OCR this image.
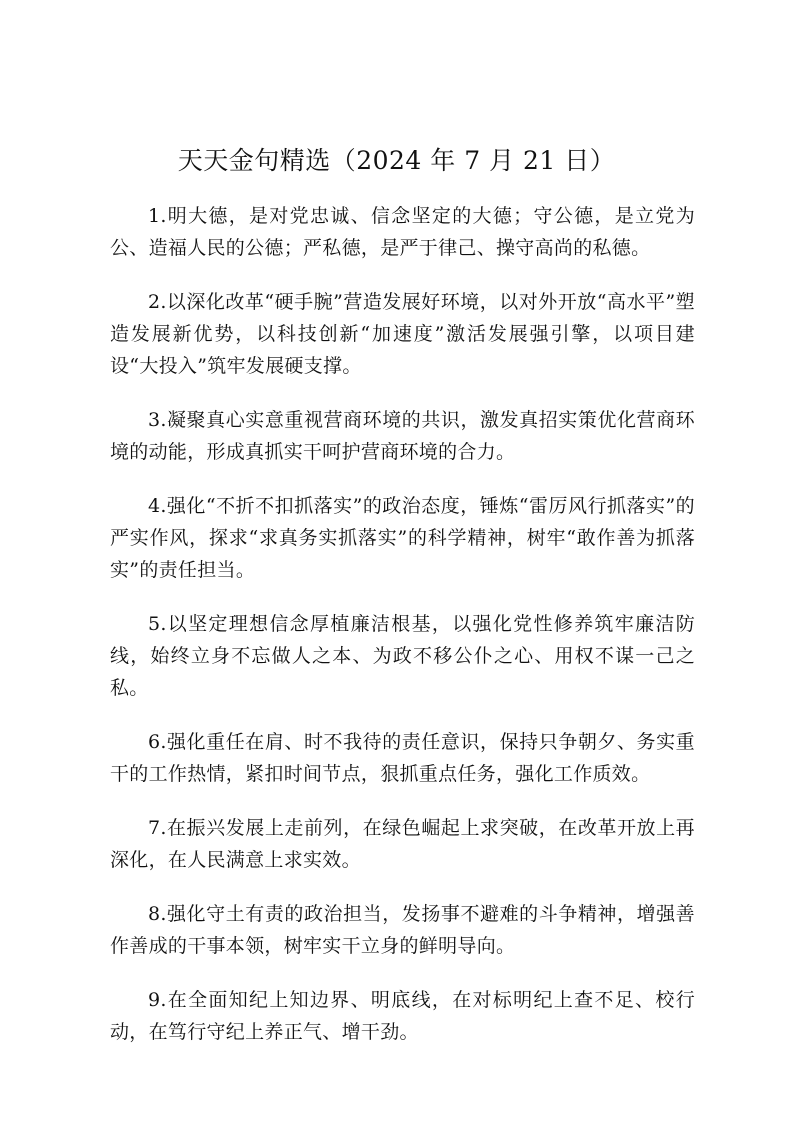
天天金句精选（2024 年 7 月 21 日）

1.明大德，是对党忠诚、信念坚定的大德；守公德，是立党为公、造福人民的公德；严私德，是严于律己、操守高尚的私德。

2.以深化改革“硬手腕”营造发展好环境，以对外开放“高水平”塑造发展新优势，以科技创新“加速度”激活发展强引擎，以项目建设“大投入”筑牢发展硬支撑。

3.凝聚真心实意重视营商环境的共识，激发真招实策优化营商环境的动能，形成真抓实干呵护营商环境的合力。

4.强化“不折不扣抓落实”的政治态度，锤炼“雷厉风行抓落实”的严实作风，探求“求真务实抓落实”的科学精神，树牢“敢作善为抓落实”的责任担当。

5.以坚定理想信念厚植廉洁根基，以强化党性修养筑牢廉洁防线，始终立身不忘做人之本、为政不移公仆之心、用权不谋一己之私。

6.强化重任在肩、时不我待的责任意识，保持只争朝夕、务实重干的工作热情，紧扣时间节点，狠抓重点任务，强化工作质效。

7.在振兴发展上走前列，在绿色崛起上求突破，在改革开放上再深化，在人民满意上求实效。

8.强化守土有责的政治担当，发扬事不避难的斗争精神，增强善作善成的干事本领，树牢实干立身的鲜明导向。

9.在全面知纪上知边界、明底线，在对标明纪上查不足、校行动，在笃行守纪上养正气、增干劲。
